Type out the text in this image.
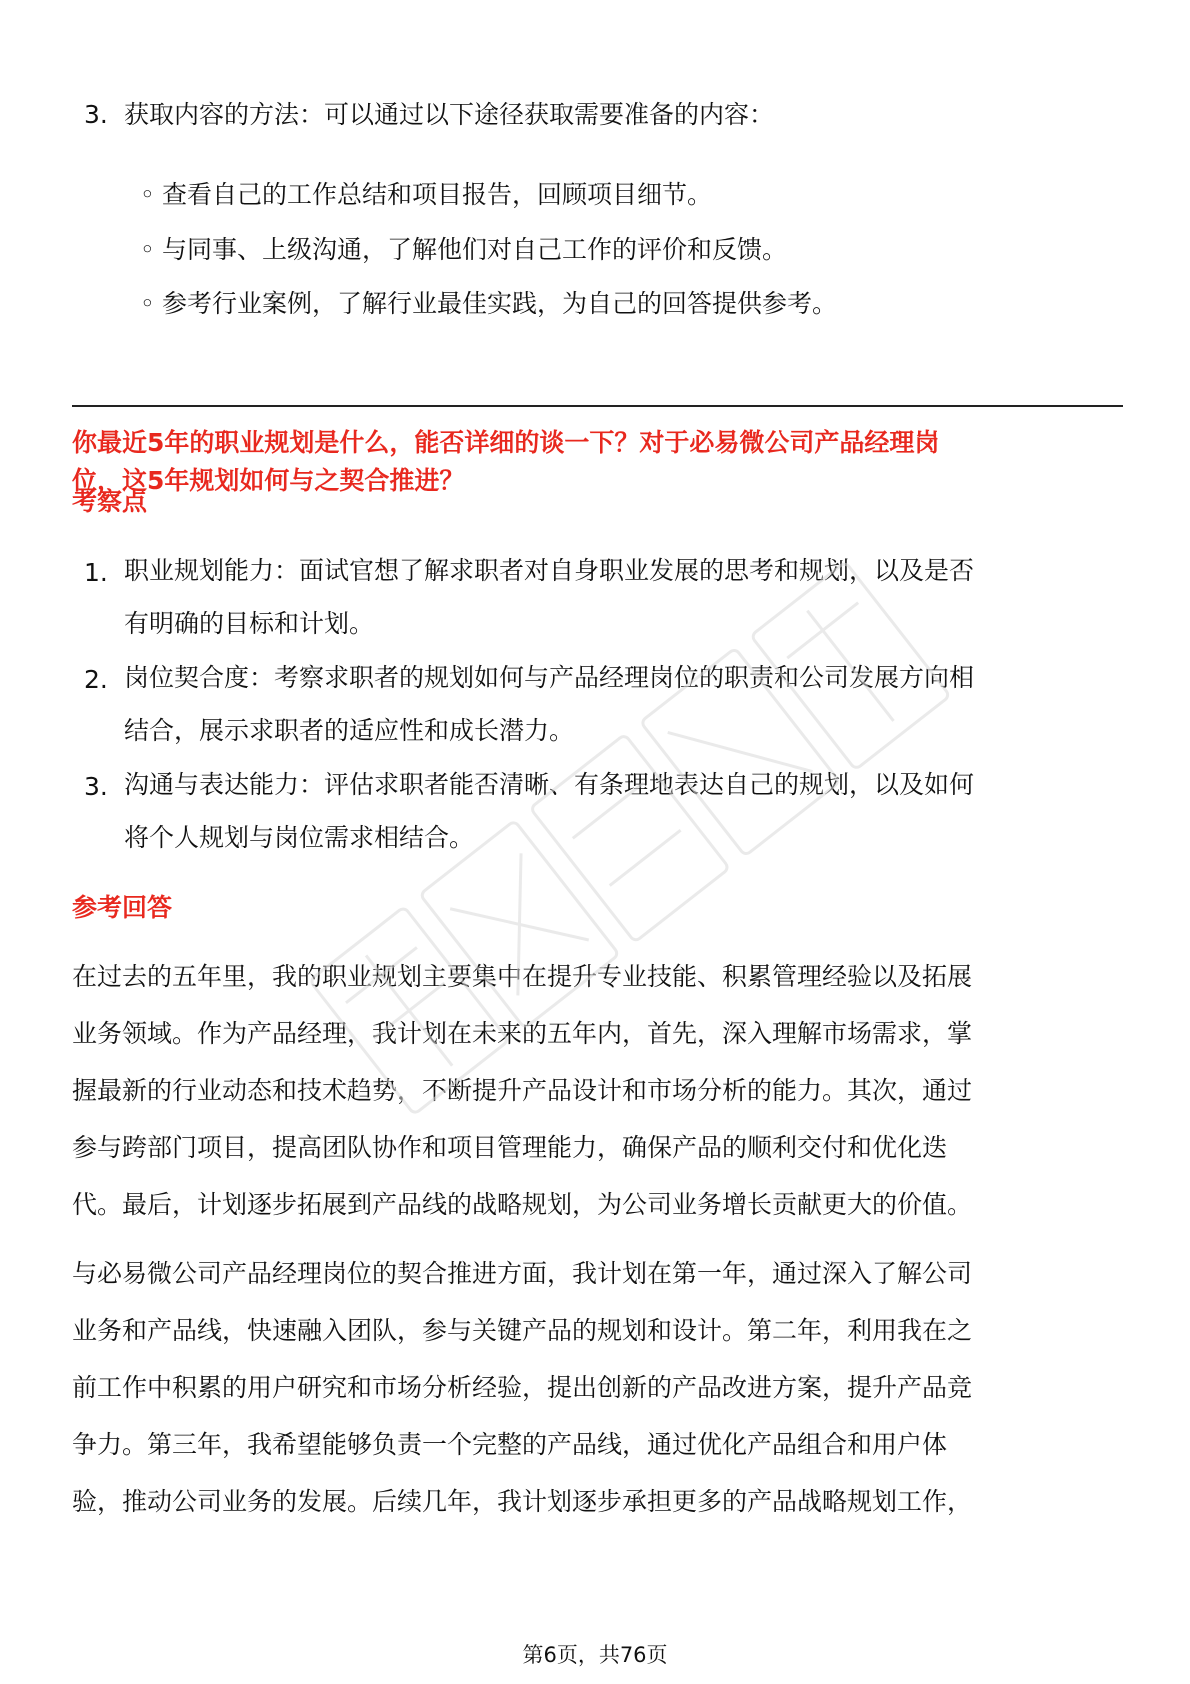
3. 获取内容的方法：可以通过以下途径获取需要准备的内容：
◦ 查看自己的工作总结和项目报告，回顾项目细节。
◦ 与同事、上级沟通，了解他们对自己工作的评价和反馈。
◦ 参考行业案例，了解行业最佳实践，为自己的回答提供参考。
你最近5年的职业规划是什么，能否详细的谈一下？对于必易微公司产品经理岗
位，这5年规划如何与之契合推进？
考察点
1. 职业规划能力：面试官想了解求职者对自身职业发展的思考和规划，以及是否
有明确的目标和计划。
2. 岗位契合度：考察求职者的规划如何与产品经理岗位的职责和公司发展方向相
结合，展示求职者的适应性和成长潜力。
3. 沟通与表达能力：评估求职者能否清晰、有条理地表达自己的规划，以及如何
将个人规划与岗位需求相结合。
参考回答
在过去的五年里，我的职业规划主要集中在提升专业技能、积累管理经验以及拓展
业务领域。作为产品经理，我计划在未来的五年内，首先，深入理解市场需求，掌
握最新的行业动态和技术趋势，不断提升产品设计和市场分析的能力。其次，通过
参与跨部门项目，提高团队协作和项目管理能力，确保产品的顺利交付和优化迭
代。最后，计划逐步拓展到产品线的战略规划，为公司业务增长贡献更大的价值。
与必易微公司产品经理岗位的契合推进方面，我计划在第一年，通过深入了解公司
业务和产品线，快速融入团队，参与关键产品的规划和设计。第二年，利用我在之
前工作中积累的用户研究和市场分析经验，提出创新的产品改进方案，提升产品竞
争力。第三年，我希望能够负责一个完整的产品线，通过优化产品组合和用户体
验，推动公司业务的发展。后续几年，我计划逐步承担更多的产品战略规划工作，
第6页，共76页
